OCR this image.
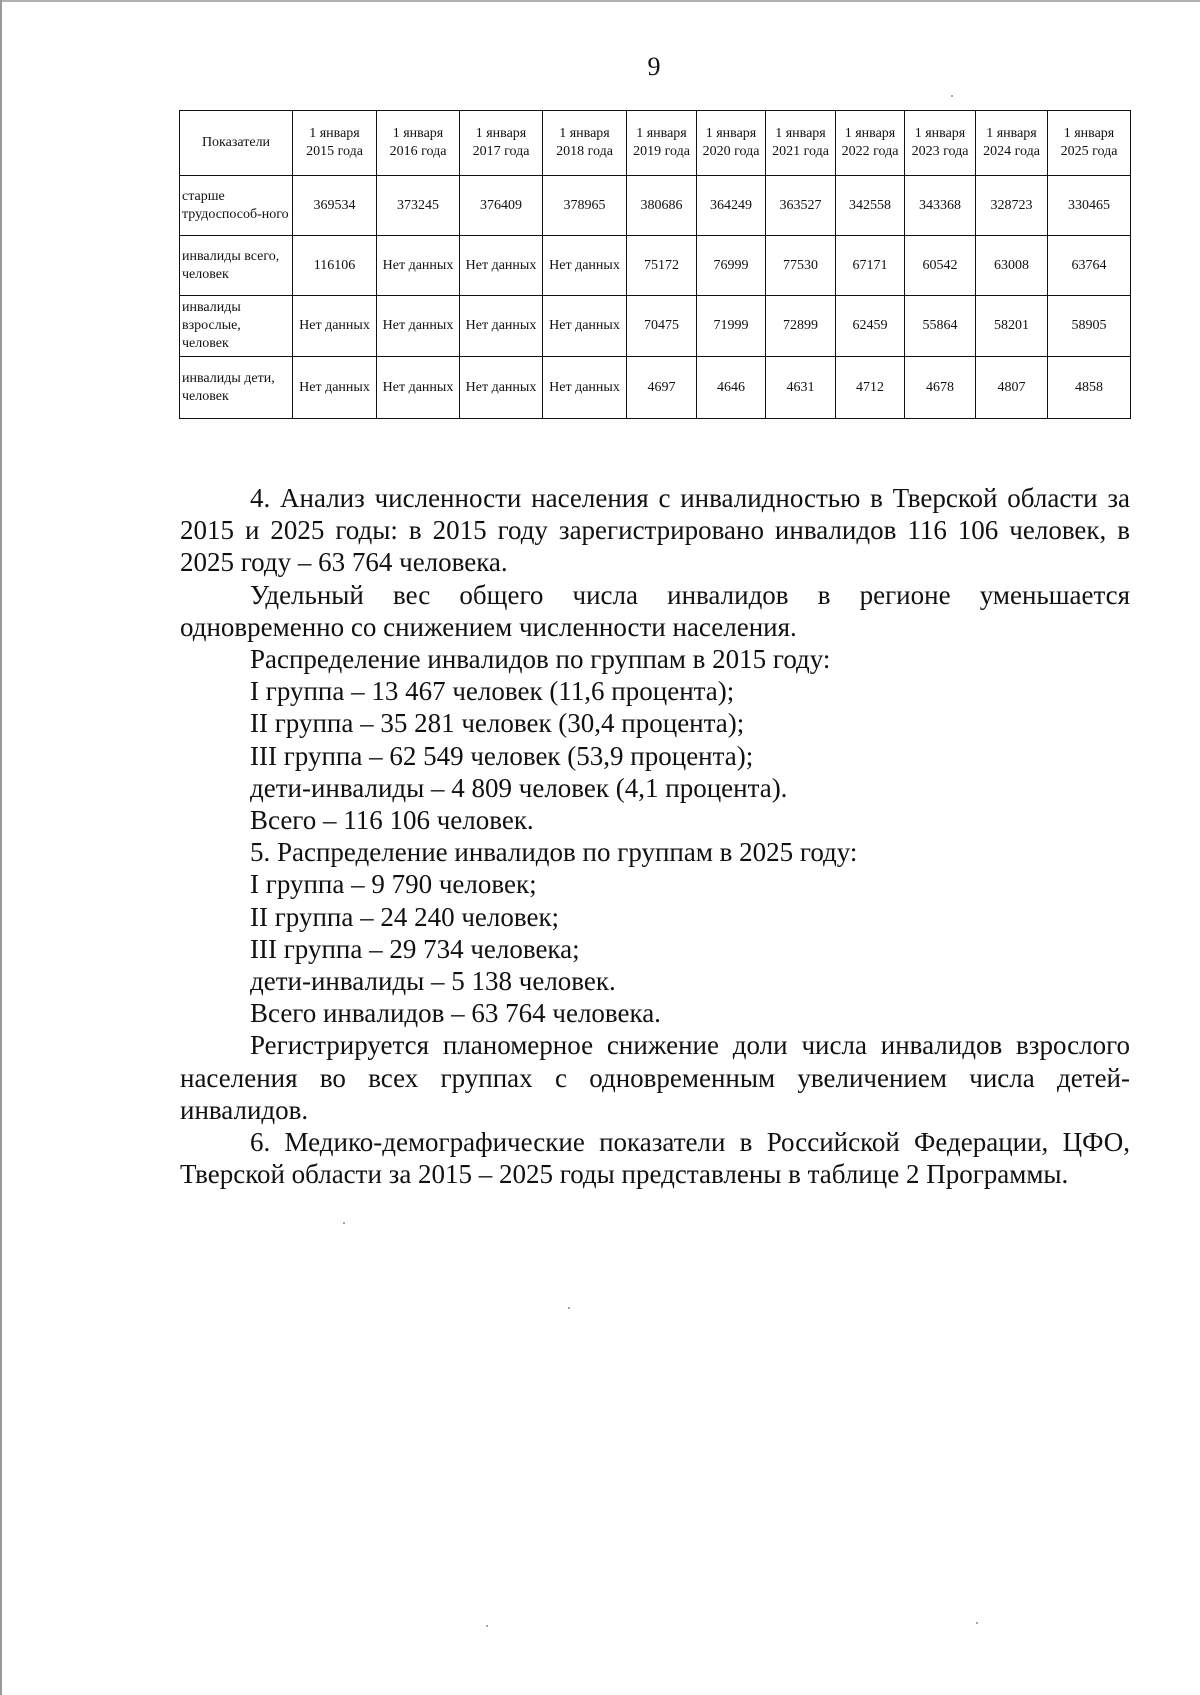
9
Показатели	1 января 2015 года	1 января 2016 года	1 января 2017 года	1 января 2018 года	1 января 2019 года	1 января 2020 года	1 января 2021 года	1 января 2022 года	1 января 2023 года	1 января 2024 года	1 января 2025 года
старше трудоспособ-ного	369534	373245	376409	378965	380686	364249	363527	342558	343368	328723	330465
инвалиды всего, человек	116106	Нет данных	Нет данных	Нет данных	75172	76999	77530	67171	60542	63008	63764
инвалиды взрослые, человек	Нет данных	Нет данных	Нет данных	Нет данных	70475	71999	72899	62459	55864	58201	58905
инвалиды дети, человек	Нет данных	Нет данных	Нет данных	Нет данных	4697	4646	4631	4712	4678	4807	4858

4. Анализ численности населения с инвалидностью в Тверской области за 2015 и 2025 годы: в 2015 году зарегистрировано инвалидов 116 106 человек, в 2025 году – 63 764 человека.

Удельный вес общего числа инвалидов в регионе уменьшается одновременно со снижением численности населения.

Распределение инвалидов по группам в 2015 году:

I группа – 13 467 человек (11,6 процента);

II группа – 35 281 человек (30,4 процента);

III группа – 62 549 человек (53,9 процента);

дети-инвалиды – 4 809 человек (4,1 процента).

Всего – 116 106 человек.

5. Распределение инвалидов по группам в 2025 году:

I группа – 9 790 человек;

II группа – 24 240 человек;

III группа – 29 734 человека;

дети-инвалиды – 5 138 человек.

Всего инвалидов – 63 764 человека.

Регистрируется планомерное снижение доли числа инвалидов взрослого населения во всех группах с одновременным увеличением числа детей-инвалидов.

6. Медико-демографические показатели в Российской Федерации, ЦФО, Тверской области за 2015 – 2025 годы представлены в таблице 2 Программы.
